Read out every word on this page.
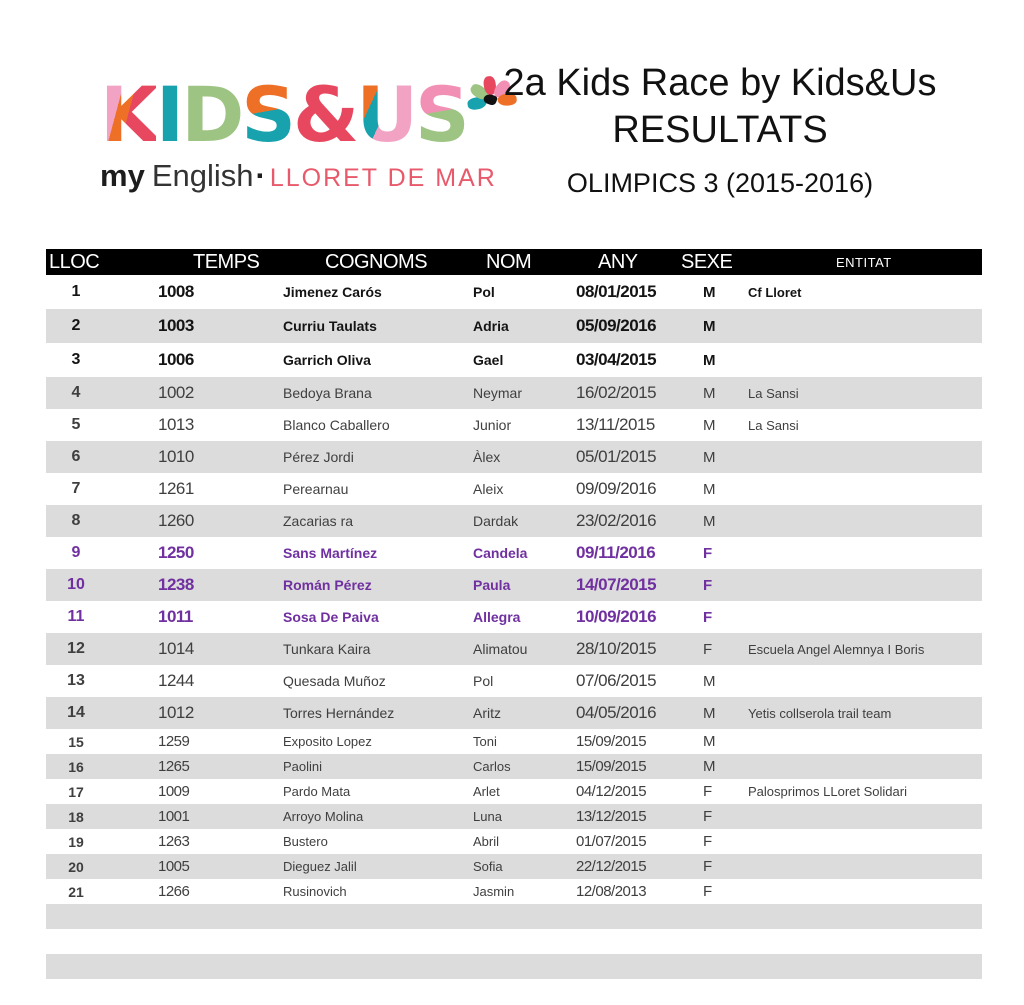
K I D S & U S
my English· LLORET DE MAR
2a Kids Race by Kids&Us
RESULTATS
OLIMPICS 3 (2015-2016)
LLOC	TEMPS	COGNOMS	NOM	ANY SEXE	ENTITAT
1	1008	Jimenez Carós	Pol	08/01/2015	M	Cf Lloret
2	1003	Curriu Taulats	Adria	05/09/2016	M
3	1006	Garrich Oliva	Gael	03/04/2015	M
4	1002	Bedoya Brana	Neymar	16/02/2015	M	La Sansi
5	1013	Blanco Caballero	Junior	13/11/2015	M	La Sansi
6	1010	Pérez Jordi	Àlex	05/01/2015	M
7	1261	Perearnau	Aleix	09/09/2016	M
8	1260	Zacarias ra	Dardak	23/02/2016	M
9	1250	Sans Martínez	Candela	09/11/2016	F
10	1238	Román Pérez	Paula	14/07/2015	F
11	1011	Sosa De Paiva	Allegra	10/09/2016	F
12	1014	Tunkara Kaira	Alimatou	28/10/2015	F	Escuela Angel Alemnya I Boris
13	1244	Quesada Muñoz	Pol	07/06/2015	M
14	1012	Torres Hernández	Aritz	04/05/2016	M	Yetis collserola trail team
15	1259	Exposito Lopez	Toni	15/09/2015	M
16	1265	Paolini	Carlos	15/09/2015	M
17	1009	Pardo Mata	Arlet	04/12/2015	F	Palosprimos LLoret Solidari
18	1001	Arroyo Molina	Luna	13/12/2015	F
19	1263	Bustero	Abril	01/07/2015	F
20	1005	Dieguez Jalil	Sofia	22/12/2015	F
21	1266	Rusinovich	Jasmin	12/08/2013	F
